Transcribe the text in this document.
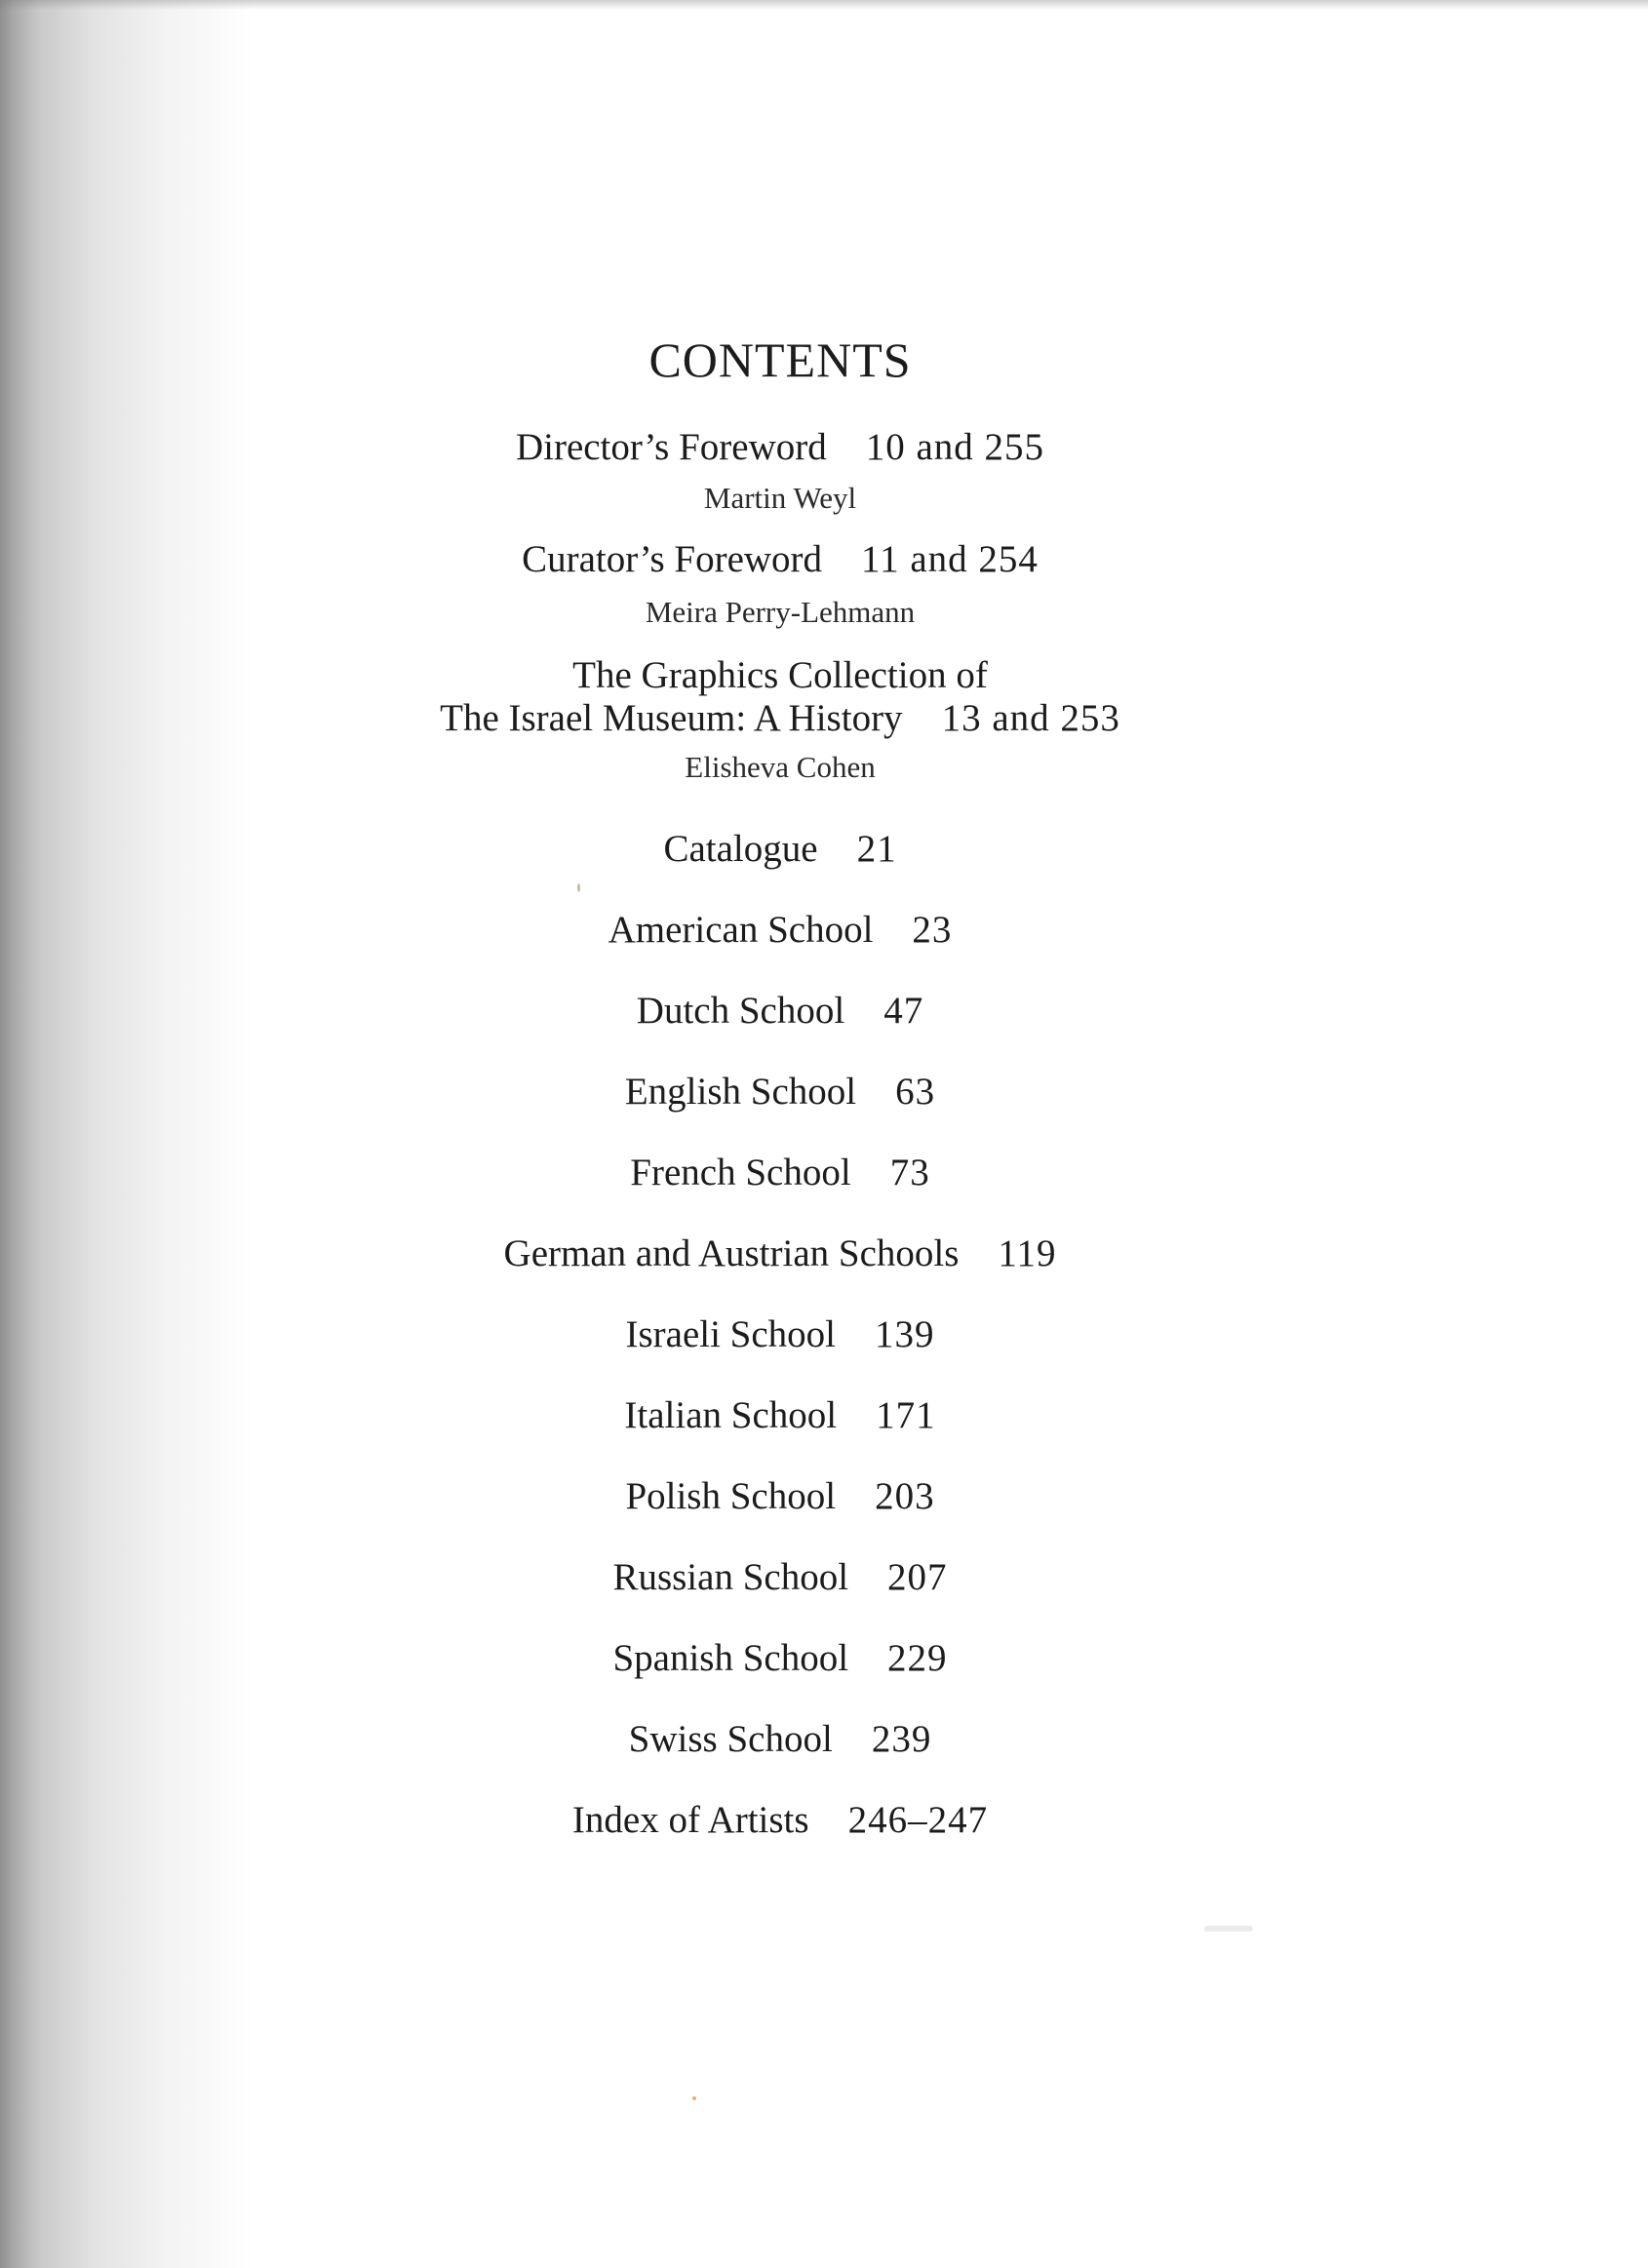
CONTENTS
Director’s Foreword 10 and 255
Martin Weyl
Curator’s Foreword 11 and 254
Meira Perry-Lehmann
The Graphics Collection of
The Israel Museum: A History 13 and 253
Elisheva Cohen
Catalogue 21
American School 23
Dutch School 47
English School 63
French School 73
German and Austrian Schools 119
Israeli School 139
Italian School 171
Polish School 203
Russian School 207
Spanish School 229
Swiss School 239
Index of Artists 246–247
